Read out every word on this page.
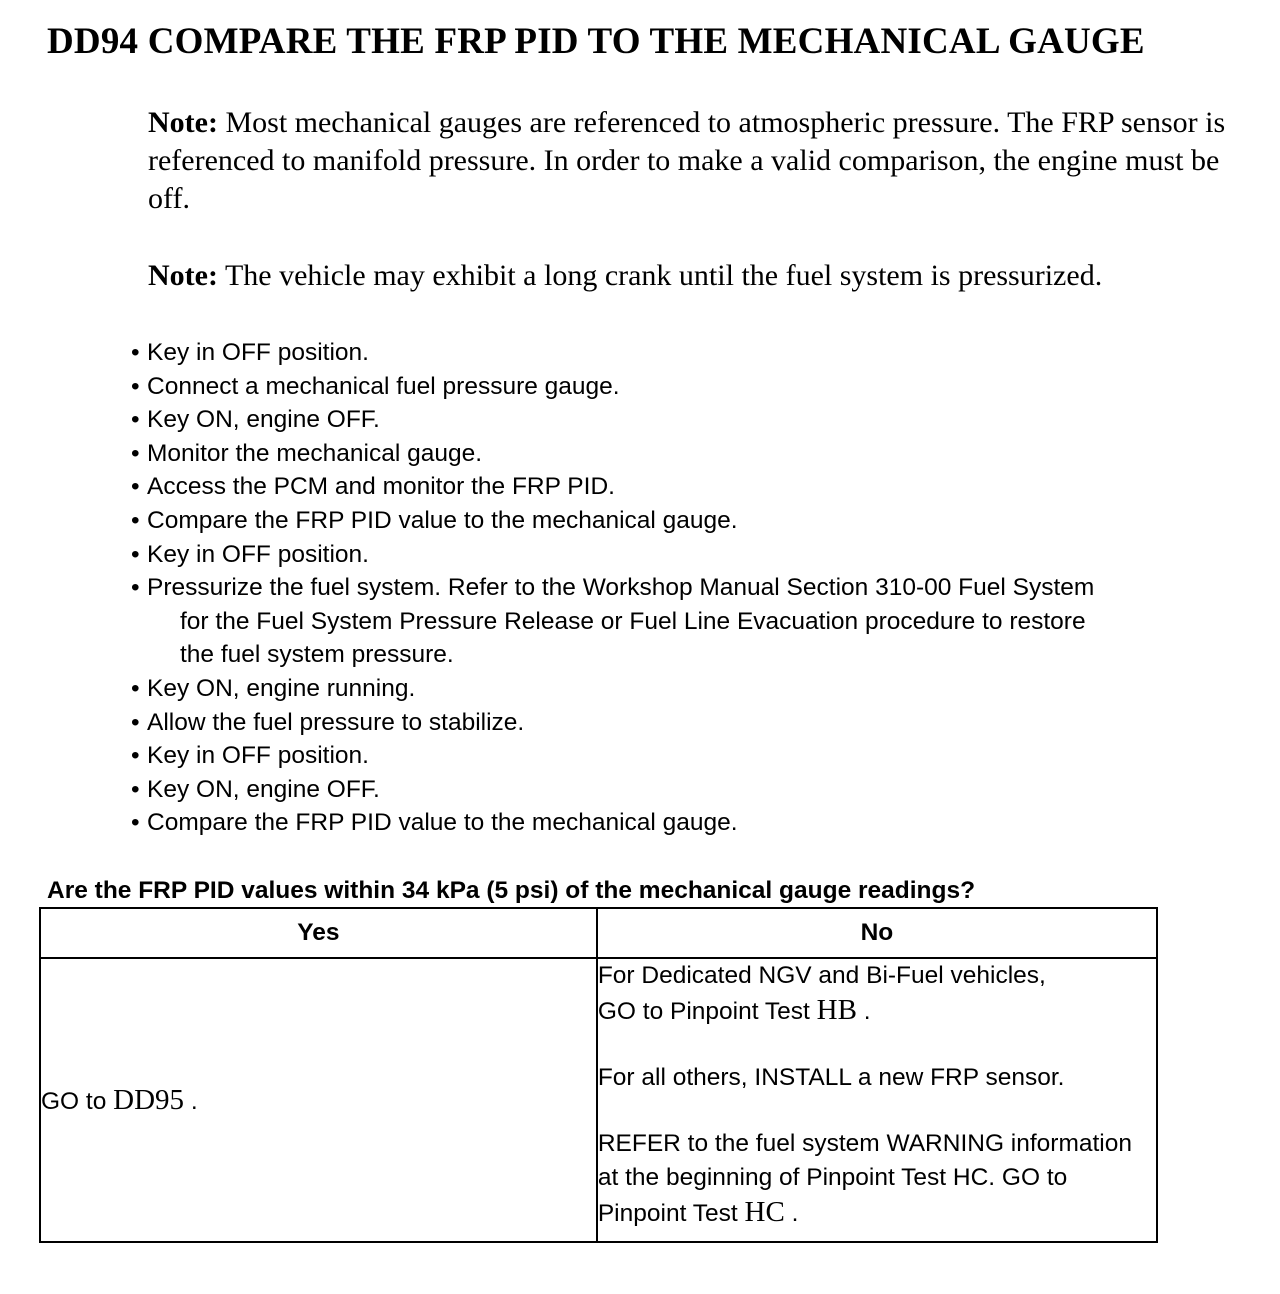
DD94 COMPARE THE FRP PID TO THE MECHANICAL GAUGE
Note: Most mechanical gauges are referenced to atmospheric pressure. The FRP sensor is referenced to manifold pressure. In order to make a valid comparison, the engine must be off.
Note: The vehicle may exhibit a long crank until the fuel system is pressurized.
• Key in OFF position.
• Connect a mechanical fuel pressure gauge.
• Key ON, engine OFF.
• Monitor the mechanical gauge.
• Access the PCM and monitor the FRP PID.
• Compare the FRP PID value to the mechanical gauge.
• Key in OFF position.
• Pressurize the fuel system. Refer to the Workshop Manual Section 310-00 Fuel System
for the Fuel System Pressure Release or Fuel Line Evacuation procedure to restore
the fuel system pressure.
• Key ON, engine running.
• Allow the fuel pressure to stabilize.
• Key in OFF position.
• Key ON, engine OFF.
• Compare the FRP PID value to the mechanical gauge.
Are the FRP PID values within 34 kPa (5 psi) of the mechanical gauge readings?
Yes	No
GO to DD95 .	For Dedicated NGV and Bi-Fuel vehicles,
GO to Pinpoint Test HB .

For all others, INSTALL a new FRP sensor.

REFER to the fuel system WARNING information at the beginning of Pinpoint Test HC. GO to Pinpoint Test HC .
